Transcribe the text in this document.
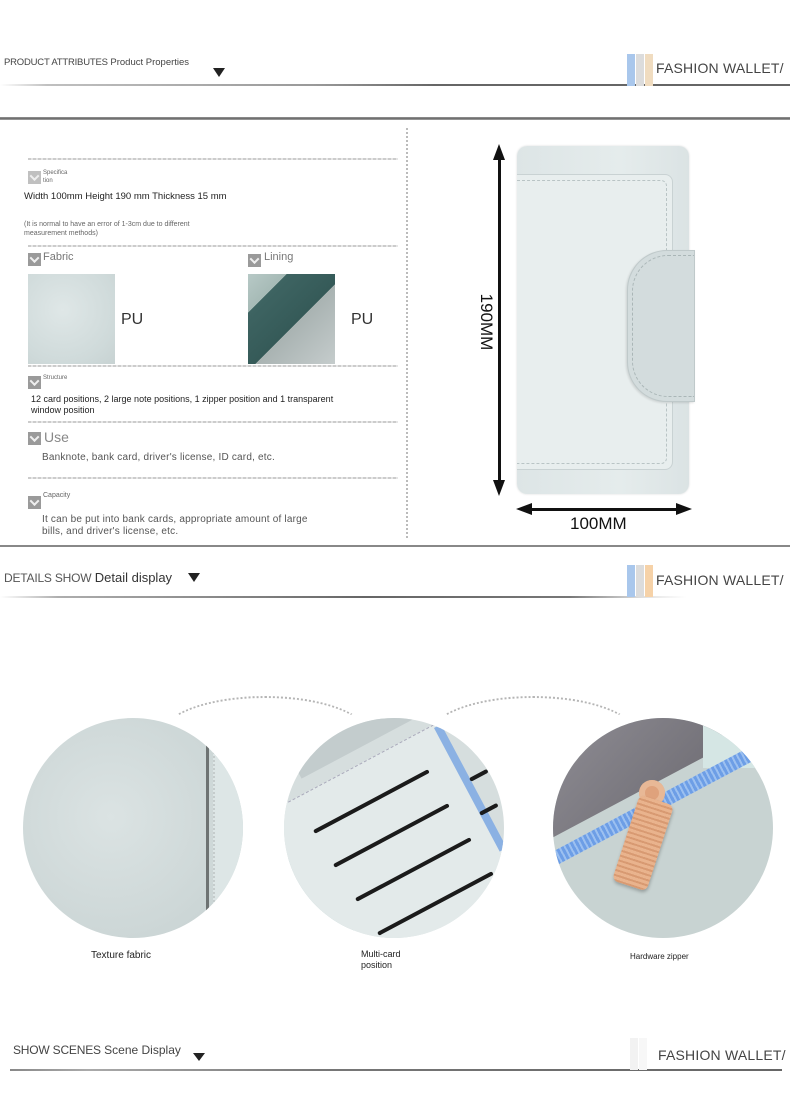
PRODUCT ATTRIBUTES Product Properties	FASHION WALLET/
Specifica
tion
Width 100mm Height 190 mm Thickness 15 mm
(It is normal to have an error of 1-3cm due to different
measurement methods)
Fabric
PU
Lining
PU
Structure
12 card positions, 2 large note positions, 1 zipper position and 1 transparent
window position
Use
Banknote, bank card, driver's license, ID card, etc.
Capacity
It can be put into bank cards, appropriate amount of large
bills, and driver's license, etc.
190MM
100MM
DETAILS SHOW Detail display	FASHION WALLET/
Texture fabric	Multi-card
position
Hardware zipper
SHOW SCENES Scene Display	FASHION WALLET/
